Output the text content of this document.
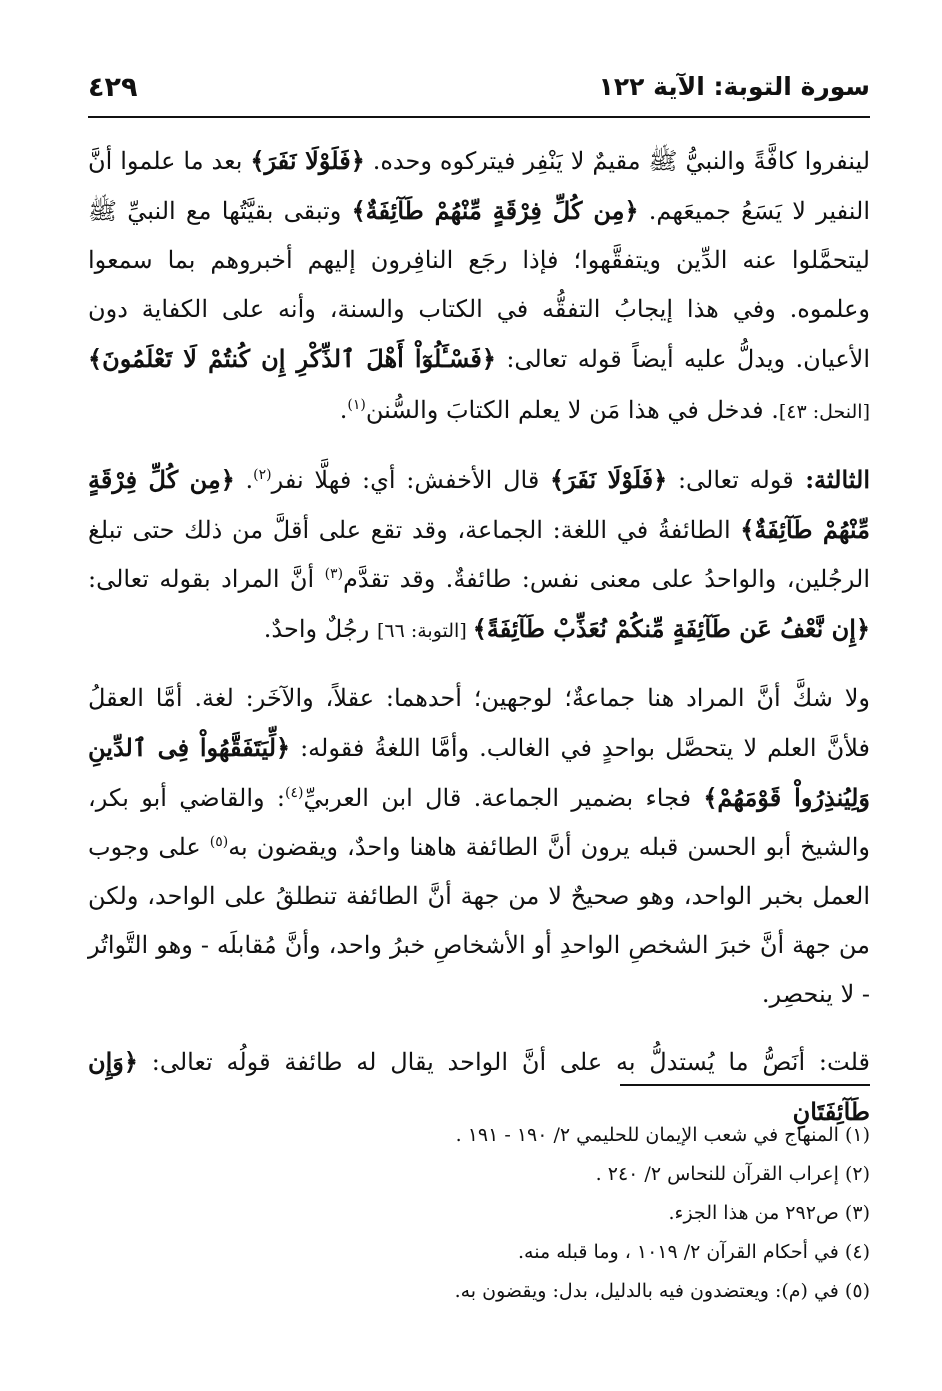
سورة التوبة: الآية ١٢٢
٤٢٩

لينفروا كافَّةً والنبيُّ ﷺ مقيمٌ لا يَنْفِر فيتركوه وحده. ﴿فَلَوْلَا نَفَرَ﴾ بعد ما علموا أنَّ النفير لا يَسَعُ جميعَهم. ﴿مِن كُلِّ فِرْقَةٍ مِّنْهُمْ طَآئِفَةٌ﴾ وتبقى بقيَّتُها مع النبيِّ ﷺ ليتحمَّلوا عنه الدِّين ويتفقَّهوا؛ فإذا رجَع النافِرون إليهم أخبروهم بما سمعوا وعلموه. وفي هذا إيجابُ التفقُّه في الكتاب والسنة، وأنه على الكفاية دون الأعيان. ويدلُّ عليه أيضاً قوله تعالى: ﴿فَسْـَٔلُوٓاْ أَهْلَ ٱلذِّكْرِ إِن كُنتُمْ لَا تَعْلَمُونَ﴾ [النحل: ٤٣]. فدخل في هذا مَن لا يعلم الكتابَ والسُّنن$^{(١)}$.

الثالثة: قوله تعالى: ﴿فَلَوْلَا نَفَرَ﴾ قال الأخفش: أي: فهلَّا نفر$^{(٢)}$. ﴿مِن كُلِّ فِرْقَةٍ مِّنْهُمْ طَآئِفَةٌ﴾ الطائفةُ في اللغة: الجماعة، وقد تقع على أقلَّ من ذلك حتى تبلغ الرجُلين، والواحدُ على معنى نفس: طائفةٌ. وقد تقدَّم$^{(٣)}$ أنَّ المراد بقوله تعالى: ﴿إِن نَّعْفُ عَن طَآئِفَةٍ مِّنكُمْ نُعَذِّبْ طَآئِفَةً﴾ [التوبة: ٦٦] رجُلٌ واحدٌ.

ولا شكَّ أنَّ المراد هنا جماعةٌ؛ لوجهين؛ أحدهما: عقلاً، والآخَر: لغة. أمَّا العقلُ فلأنَّ العلم لا يتحصَّل بواحدٍ في الغالب. وأمَّا اللغةُ فقوله: ﴿لِّيَتَفَقَّهُواْ فِى ٱلدِّينِ وَلِيُنذِرُواْ قَوْمَهُمْ﴾ فجاء بضمير الجماعة. قال ابن العربيِّ$^{(٤)}$: والقاضي أبو بكر، والشيخ أبو الحسن قبله يرون أنَّ الطائفة هاهنا واحدٌ، ويقضون به$^{(٥)}$ على وجوب العمل بخبر الواحد، وهو صحيحٌ لا من جهة أنَّ الطائفة تنطلقُ على الواحد، ولكن من جهة أنَّ خبرَ الشخصِ الواحدِ أو الأشخاصِ خبرُ واحد، وأنَّ مُقابلَه - وهو التَّواتُر - لا ينحصِر.

قلت: أنَصُّ ما يُستدلُّ به على أنَّ الواحد يقال له طائفة قولُه تعالى: ﴿وَإِن طَآئِفَتَانِ

(١) المنهاج في شعب الإيمان للحليمي ٢/ ١٩٠ - ١٩١ .
(٢) إعراب القرآن للنحاس ٢/ ٢٤٠ .
(٣) ص٢٩٢ من هذا الجزء.
(٤) في أحكام القرآن ٢/ ١٠١٩ ، وما قبله منه.
(٥) في (م): ويعتضدون فيه بالدليل، بدل: ويقضون به.
